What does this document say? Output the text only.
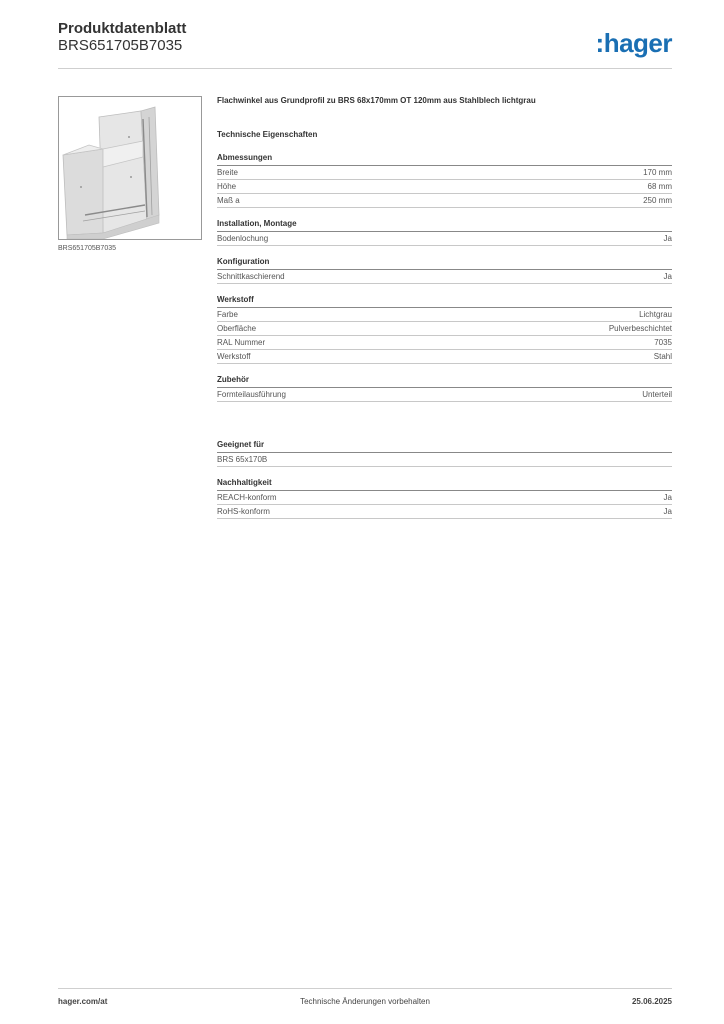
Produktdatenblatt
BRS651705B7035	:hager
BRS651705B7035
Flachwinkel aus Grundprofil zu BRS 68x170mm OT 120mm aus Stahlblech lichtgrau
Technische Eigenschaften
Abmessungen
Breite	170 mm
Höhe	68 mm
Maß a	250 mm
Installation, Montage
Bodenlochung	Ja
Konfiguration
Schnittkaschierend	Ja
Werkstoff
Farbe	Lichtgrau
Oberfläche	Pulverbeschichtet
RAL Nummer	7035
Werkstoff	Stahl
Zubehör
Formteilausführung	Unterteil
Geeignet für
BRS 65x170B
Nachhaltigkeit
REACH-konform	Ja
RoHS-konform	Ja
hager.com/at	Technische Änderungen vorbehalten	25.06.2025
